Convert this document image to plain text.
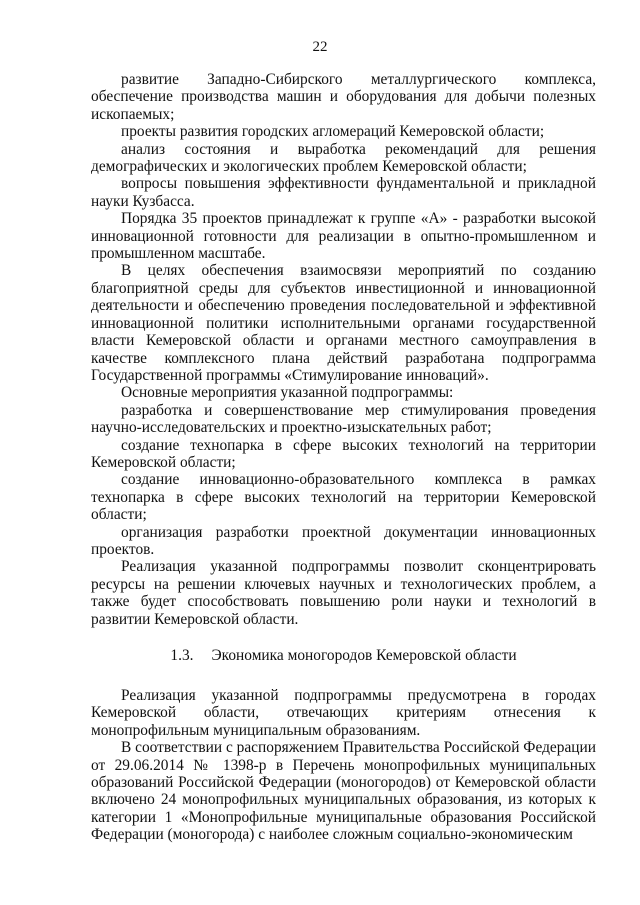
22

развитие Западно-Сибирского металлургического комплекса, обеспечение производства машин и оборудования для добычи полезных ископаемых;

проекты развития городских агломераций Кемеровской области;

анализ состояния и выработка рекомендаций для решения демографических и экологических проблем Кемеровской области;

вопросы повышения эффективности фундаментальной и прикладной науки Кузбасса.

Порядка 35 проектов принадлежат к группе «А» - разработки высокой инновационной готовности для реализации в опытно-промышленном и промышленном масштабе.

В целях обеспечения взаимосвязи мероприятий по созданию благоприятной среды для субъектов инвестиционной и инновационной деятельности и обеспечению проведения последовательной и эффективной инновационной политики исполнительными органами государственной власти Кемеровской области и органами местного самоуправления в качестве комплексного плана действий разработана подпрограмма Государственной программы «Стимулирование инноваций».

Основные мероприятия указанной подпрограммы:

разработка и совершенствование мер стимулирования проведения научно-исследовательских и проектно-изыскательных работ;

создание технопарка в сфере высоких технологий на территории Кемеровской области;

создание инновационно-образовательного комплекса в рамках технопарка в сфере высоких технологий на территории Кемеровской области;

организация разработки проектной документации инновационных проектов.

Реализация указанной подпрограммы позволит сконцентрировать ресурсы на решении ключевых научных и технологических проблем, а также будет способствовать повышению роли науки и технологий в развитии Кемеровской области.

1.3. Экономика моногородов Кемеровской области

Реализация указанной подпрограммы предусмотрена в городах Кемеровской области, отвечающих критериям отнесения к монопрофильным муниципальным образованиям.

В соответствии с распоряжением Правительства Российской Федерации от 29.06.2014 № 1398-р в Перечень монопрофильных муниципальных образований Российской Федерации (моногородов) от Кемеровской области включено 24 монопрофильных муниципальных образования, из которых к категории 1 «Монопрофильные муниципальные образования Российской Федерации (моногорода) с наиболее сложным социально-экономическим
